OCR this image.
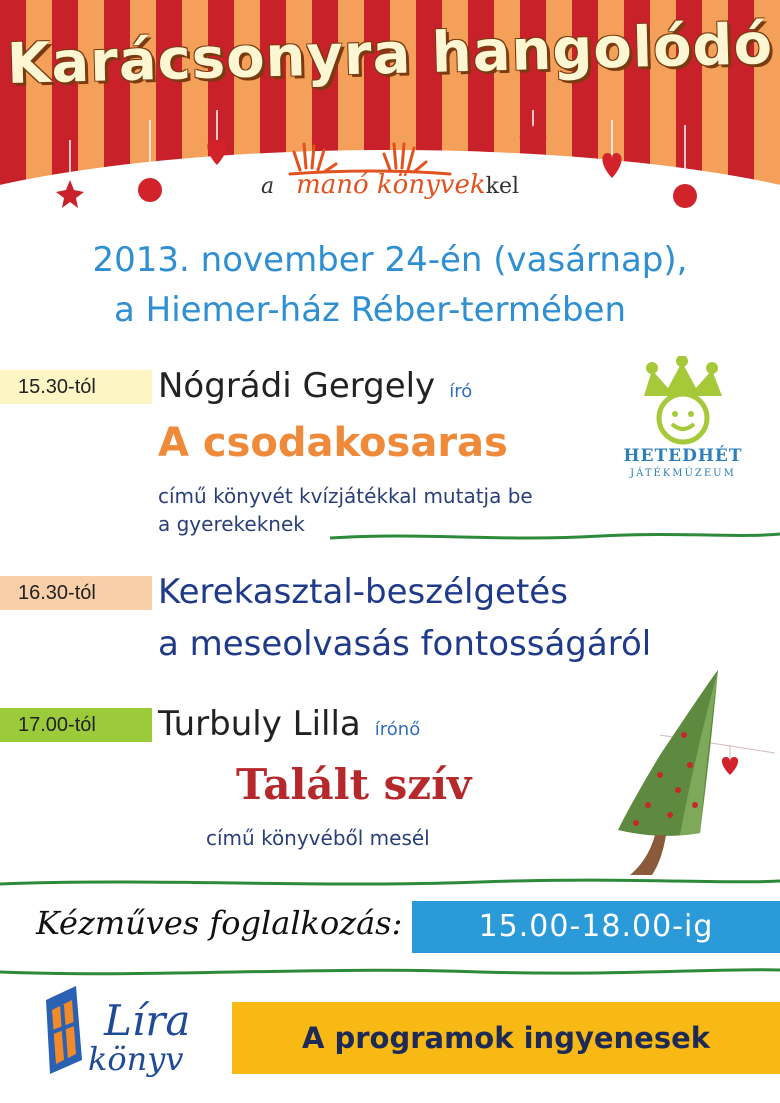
Karácsonyra hangolódó
a manó könyvekkel
2013. november 24-én (vasárnap),
a Hiemer-ház Réber-termében
15.30-tól	Nógrádi Gergely író
A csodakosaras
című könyvét kvízjátékkal mutatja be
a gyerekeknek
HETEDHÉT
JÁTÉKMÚZEUM
16.30-tól	Kerekasztal-beszélgetés
a meseolvasás fontosságáról
17.00-tól	Turbuly Lilla írónő
Talált szív
című könyvéből mesél
Kézműves foglalkozás:	15.00-18.00-ig
Líra
könyv
A programok ingyenesek
